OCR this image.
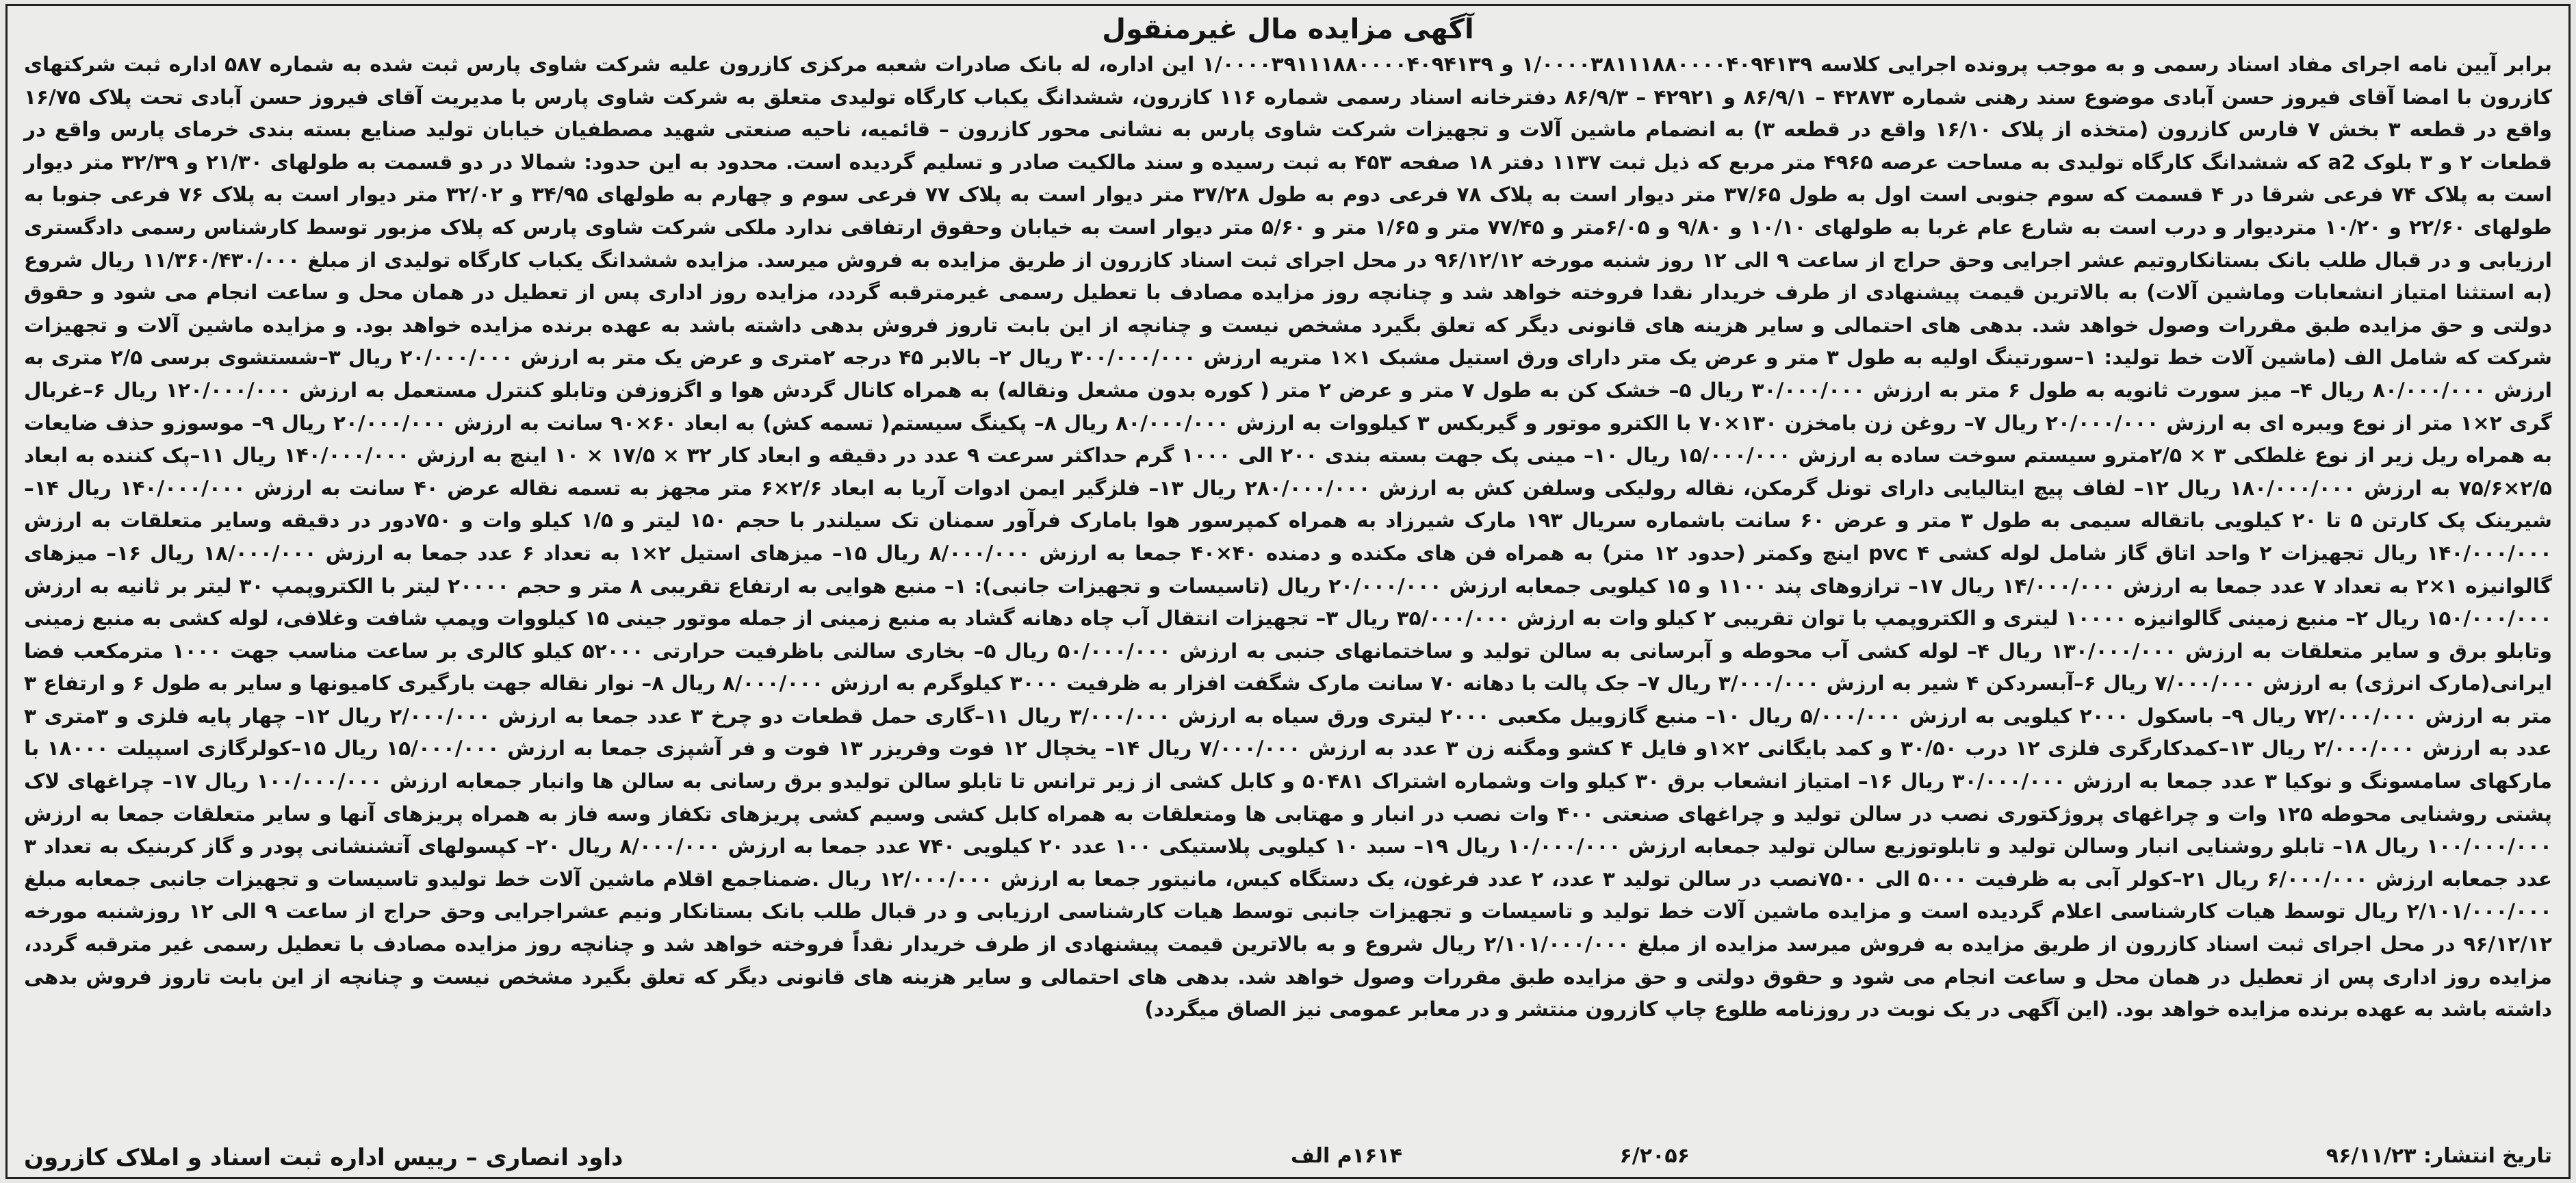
آگهی مزایده مال غیرمنقول

برابر آیین نامه اجرای مفاد اسناد رسمی و به موجب پرونده اجرایی کلاسه ۱/۰۰۰۰۳۸۱۱۱۸۸۰۰۰۰۴۰۹۴۱۳۹ و ۱/۰۰۰۰۳۹۱۱۱۸۸۰۰۰۰۴۰۹۴۱۳۹ این اداره، له بانک صادرات شعبه مرکزی کازرون علیه شرکت شاوی پارس ثبت شده به شماره ۵۸۷ اداره ثبت شرکتهای کازرون با امضا آقای فیروز حسن آبادی موضوع سند رهنی شماره ۴۲۸۷۳ – ۸۶/۹/۱ و ۴۲۹۲۱ – ۸۶/۹/۳ دفترخانه اسناد رسمی شماره ۱۱۶ کازرون، ششدانگ یکباب کارگاه تولیدی متعلق به شرکت شاوی پارس با مدیریت آقای فیروز حسن آبادی تحت پلاک ۱۶/۷۵ واقع در قطعه ۳ بخش ۷ فارس کازرون (متخذه از پلاک ۱۶/۱۰ واقع در قطعه ۳) به انضمام ماشین آلات و تجهیزات شرکت شاوی پارس به نشانی محور کازرون – قائمیه، ناحیه صنعتی شهید مصطفیان خیابان تولید صنایع بسته بندی خرمای پارس واقع در قطعات ۲ و ۳ بلوک a2 که ششدانگ کارگاه تولیدی به مساحت عرصه ۴۹۶۵ متر مربع که ذیل ثبت ۱۱۳۷ دفتر ۱۸ صفحه ۴۵۳ به ثبت رسیده و سند مالکیت صادر و تسلیم گردیده است. محدود به این حدود: شمالا در دو قسمت به طولهای ۲۱/۳۰ و ۳۲/۳۹ متر دیوار است به پلاک ۷۴ فرعی شرقا در ۴ قسمت که سوم جنوبی است اول به طول ۳۷/۶۵ متر دیوار است به پلاک ۷۸ فرعی دوم به طول ۳۷/۲۸ متر دیوار است به پلاک ۷۷ فرعی سوم و چهارم به طولهای ۳۴/۹۵ و ۳۲/۰۲ متر دیوار است به پلاک ۷۶ فرعی جنوبا به طولهای ۲۲/۶۰ و ۱۰/۲۰ متردیوار و درب است به شارع عام غربا به طولهای ۱۰/۱۰ و ۹/۸۰ و ۶/۰۵متر و ۷۷/۴۵ متر و ۱/۶۵ متر و ۵/۶۰ متر دیوار است به خیابان وحقوق ارتفاقی ندارد ملکی شرکت شاوی پارس که پلاک مزبور توسط کارشناس رسمی دادگستری ارزیابی و در قبال طلب بانک بستانکاروتیم عشر اجرایی وحق حراج از ساعت ۹ الی ۱۲ روز شنبه مورخه ۹۶/۱۲/۱۲ در محل اجرای ثبت اسناد کازرون از طریق مزایده به فروش میرسد. مزایده ششدانگ یکباب کارگاه تولیدی از مبلغ ۱۱/۳۶۰/۴۳۰/۰۰۰ ریال شروع (به استثنا امتیاز انشعابات وماشین آلات) به بالاترین قیمت پیشنهادی از طرف خریدار نقدا فروخته خواهد شد و چنانچه روز مزایده مصادف با تعطیل رسمی غیرمترقبه گردد، مزایده روز اداری پس از تعطیل در همان محل و ساعت انجام می شود و حقوق دولتی و حق مزایده طبق مقررات وصول خواهد شد. بدهی های احتمالی و سایر هزینه های قانونی دیگر که تعلق بگیرد مشخص نیست و چنانچه از این بابت تاروز فروش بدهی داشته باشد به عهده برنده مزایده خواهد بود. و مزایده ماشین آلات و تجهیزات شرکت که شامل الف (ماشین آلات خط تولید: ۱–سورتینگ اولیه به طول ۳ متر و عرض یک متر دارای ورق استیل مشبک ۱×۱ متریه ارزش ۳۰۰/۰۰۰/۰۰۰ ریال ۲– بالابر ۴۵ درجه ۲متری و عرض یک متر به ارزش ۲۰/۰۰۰/۰۰۰ ریال ۳–شستشوی برسی ۲/۵ متری به ارزش ۸۰/۰۰۰/۰۰۰ ریال ۴– میز سورت ثانویه به طول ۶ متر به ارزش ۳۰/۰۰۰/۰۰۰ ریال ۵– خشک کن به طول ۷ متر و عرض ۲ متر ( کوره بدون مشعل ونقاله) به همراه کانال گردش هوا و اگزوزفن وتابلو کنترل مستعمل به ارزش ۱۲۰/۰۰۰/۰۰۰ ریال ۶–غربال گری ۲×۱ متر از نوع ویبره ای به ارزش ۲۰/۰۰۰/۰۰۰ ریال ۷– روغن زن بامخزن ۱۳۰×۷۰ با الکترو موتور و گیربکس ۳ کیلووات به ارزش ۸۰/۰۰۰/۰۰۰ ریال ۸– پکینگ سیستم( تسمه کش) به ابعاد ۶۰×۹۰ سانت به ارزش ۲۰/۰۰۰/۰۰۰ ریال ۹– موسوزو حذف ضایعات به همراه ریل زیر از نوع غلطکی ۳ × ۲/۵مترو سیستم سوخت ساده به ارزش ۱۵/۰۰۰/۰۰۰ ریال ۱۰– مینی پک جهت بسته بندی ۲۰۰ الی ۱۰۰۰ گرم حداکثر سرعت ۹ عدد در دقیقه و ابعاد کار ۳۲ × ۱۷/۵ × ۱۰ اینچ به ارزش ۱۴۰/۰۰۰/۰۰۰ ریال ۱۱–پک کننده به ابعاد ۲/۵×۷۵/۶ به ارزش ۱۸۰/۰۰۰/۰۰۰ ریال ۱۲– لفاف پیچ ایتالیایی دارای تونل گرمکن، نقاله رولیکی وسلفن کش به ارزش ۲۸۰/۰۰۰/۰۰۰ ریال ۱۳– فلزگیر ایمن ادوات آریا به ابعاد ۲/۶×۶ متر مجهز به تسمه نقاله عرض ۴۰ سانت به ارزش ۱۴۰/۰۰۰/۰۰۰ ریال ۱۴– شیرینک پک کارتن ۵ تا ۲۰ کیلویی باتقاله سیمی به طول ۳ متر و عرض ۶۰ سانت باشماره سریال ۱۹۳ مارک شیرزاد به همراه کمپرسور هوا بامارک فرآور سمنان تک سیلندر با حجم ۱۵۰ لیتر و ۱/۵ کیلو وات و ۷۵۰دور در دقیقه وسایر متعلقات به ارزش ۱۴۰/۰۰۰/۰۰۰ ریال تجهیزات ۲ واحد اتاق گاز شامل لوله کشی pvc ۴ اینچ وکمتر (حدود ۱۲ متر) به همراه فن های مکنده و دمنده ۴۰×۴۰ جمعا به ارزش ۸/۰۰۰/۰۰۰ ریال ۱۵– میزهای استیل ۲×۱ به تعداد ۶ عدد جمعا به ارزش ۱۸/۰۰۰/۰۰۰ ریال ۱۶– میزهای گالوانیزه ۱×۲ به تعداد ۷ عدد جمعا به ارزش ۱۴/۰۰۰/۰۰۰ ریال ۱۷– ترازوهای پند ۱۱۰۰ و ۱۵ کیلویی جمعابه ارزش ۲۰/۰۰۰/۰۰۰ ریال (تاسیسات و تجهیزات جانبی): ۱– منبع هوایی به ارتفاع تقریبی ۸ متر و حجم ۲۰۰۰۰ لیتر با الکتروپمپ ۳۰ لیتر بر ثانیه به ارزش ۱۵۰/۰۰۰/۰۰۰ ریال ۲– منبع زمینی گالوانیزه ۱۰۰۰۰ لیتری و الکتروپمپ با توان تقریبی ۲ کیلو وات به ارزش ۳۵/۰۰۰/۰۰۰ ریال ۳– تجهیزات انتقال آب چاه دهانه گشاد به منبع زمینی از جمله موتور جینی ۱۵ کیلووات وپمپ شافت وغلافی، لوله کشی به منبع زمینی وتابلو برق و سایر متعلقات به ارزش ۱۳۰/۰۰۰/۰۰۰ ریال ۴– لوله کشی آب محوطه و آبرسانی به سالن تولید و ساختمانهای جنبی به ارزش ۵۰/۰۰۰/۰۰۰ ریال ۵– بخاری سالنی باظرفیت حرارتی ۵۲۰۰۰ کیلو کالری بر ساعت مناسب جهت ۱۰۰۰ مترمکعب فضا ایرانی(مارک انرژی) به ارزش ۷/۰۰۰/۰۰۰ ریال ۶–آبسردکن ۴ شیر به ارزش ۳/۰۰۰/۰۰۰ ریال ۷– جک پالت با دهانه ۷۰ سانت مارک شگفت افزار به ظرفیت ۳۰۰۰ کیلوگرم به ارزش ۸/۰۰۰/۰۰۰ ریال ۸– نوار نقاله جهت بارگیری کامیونها و سایر به طول ۶ و ارتفاع ۳ متر به ارزش ۷۲/۰۰۰/۰۰۰ ریال ۹– باسکول ۲۰۰۰ کیلویی به ارزش ۵/۰۰۰/۰۰۰ ریال ۱۰– منبع گازوییل مکعبی ۲۰۰۰ لیتری ورق سیاه به ارزش ۳/۰۰۰/۰۰۰ ریال ۱۱–گاری حمل قطعات دو چرخ ۳ عدد جمعا به ارزش ۲/۰۰۰/۰۰۰ ریال ۱۲– چهار پایه فلزی و ۳متری ۳ عدد به ارزش ۲/۰۰۰/۰۰۰ ریال ۱۳–کمدکارگری فلزی ۱۲ درب ۳۰/۵۰ و کمد بایگانی ۲×۱و فایل ۴ کشو ومگنه زن ۳ عدد به ارزش ۷/۰۰۰/۰۰۰ ریال ۱۴– یخچال ۱۲ فوت وفریزر ۱۳ فوت و فر آشپزی جمعا به ارزش ۱۵/۰۰۰/۰۰۰ ریال ۱۵–کولرگازی اسپیلت ۱۸۰۰۰ با مارکهای سامسونگ و نوکیا ۳ عدد جمعا به ارزش ۳۰/۰۰۰/۰۰۰ ریال ۱۶– امتیاز انشعاب برق ۳۰ کیلو وات وشماره اشتراک ۵۰۴۸۱ و کابل کشی از زیر ترانس تا تابلو سالن تولیدو برق رسانی به سالن ها وانبار جمعابه ارزش ۱۰۰/۰۰۰/۰۰۰ ریال ۱۷– چراغهای لاک پشتی روشنایی محوطه ۱۲۵ وات و چراغهای پروژکتوری نصب در سالن تولید و چراغهای صنعتی ۴۰۰ وات نصب در انبار و مهتابی ها ومتعلقات به همراه کابل کشی وسیم کشی پریزهای تکفاز وسه فاز به همراه پریزهای آنها و سایر متعلقات جمعا به ارزش ۱۰۰/۰۰۰/۰۰۰ ریال ۱۸– تابلو روشنایی انبار وسالن تولید و تابلوتوزیع سالن تولید جمعابه ارزش ۱۰/۰۰۰/۰۰۰ ریال ۱۹– سبد ۱۰ کیلویی پلاستیکی ۱۰۰ عدد ۲۰ کیلویی ۷۴۰ عدد جمعا به ارزش ۸/۰۰۰/۰۰۰ ریال ۲۰– کپسولهای آتشنشانی پودر و گاز کربنیک به تعداد ۳ عدد جمعابه ارزش ۶/۰۰۰/۰۰۰ ریال ۲۱–کولر آبی به ظرفیت ۵۰۰۰ الی ۷۵۰۰نصب در سالن تولید ۳ عدد، ۲ عدد فرغون، یک دستگاه کیس، مانیتور جمعا به ارزش ۱۲/۰۰۰/۰۰۰ ریال .ضمناجمع اقلام ماشین آلات خط تولیدو تاسیسات و تجهیزات جانبی جمعابه مبلغ ۲/۱۰۱/۰۰۰/۰۰۰ ریال توسط هیات کارشناسی اعلام گردیده است و مزایده ماشین آلات خط تولید و تاسیسات و تجهیزات جانبی توسط هیات کارشناسی ارزیابی و در قبال طلب بانک بستانکار ونیم عشراجرایی وحق حراج از ساعت ۹ الی ۱۲ روزشنبه مورخه ۹۶/۱۲/۱۲ در محل اجرای ثبت اسناد کازرون از طریق مزایده به فروش میرسد مزایده از مبلغ ۲/۱۰۱/۰۰۰/۰۰۰ ریال شروع و به بالاترین قیمت پیشنهادی از طرف خریدار نقداً فروخته خواهد شد و چنانچه روز مزایده مصادف با تعطیل رسمی غیر مترقبه گردد، مزایده روز اداری پس از تعطیل در همان محل و ساعت انجام می شود و حقوق دولتی و حق مزایده طبق مقررات وصول خواهد شد. بدهی های احتمالی و سایر هزینه های قانونی دیگر که تعلق بگیرد مشخص نیست و چنانچه از این بابت تاروز فروش بدهی داشته باشد به عهده برنده مزایده خواهد بود. (این آگهی در یک نوبت در روزنامه طلوع چاپ کازرون منتشر و در معابر عمومی نیز الصاق میگردد)

تاریخ انتشار: ۹۶/۱۱/۲۳
۶/۲۰۵۶
۱۶۱۴م الف
داود انصاری – رییس اداره ثبت اسناد و املاک کازرون
